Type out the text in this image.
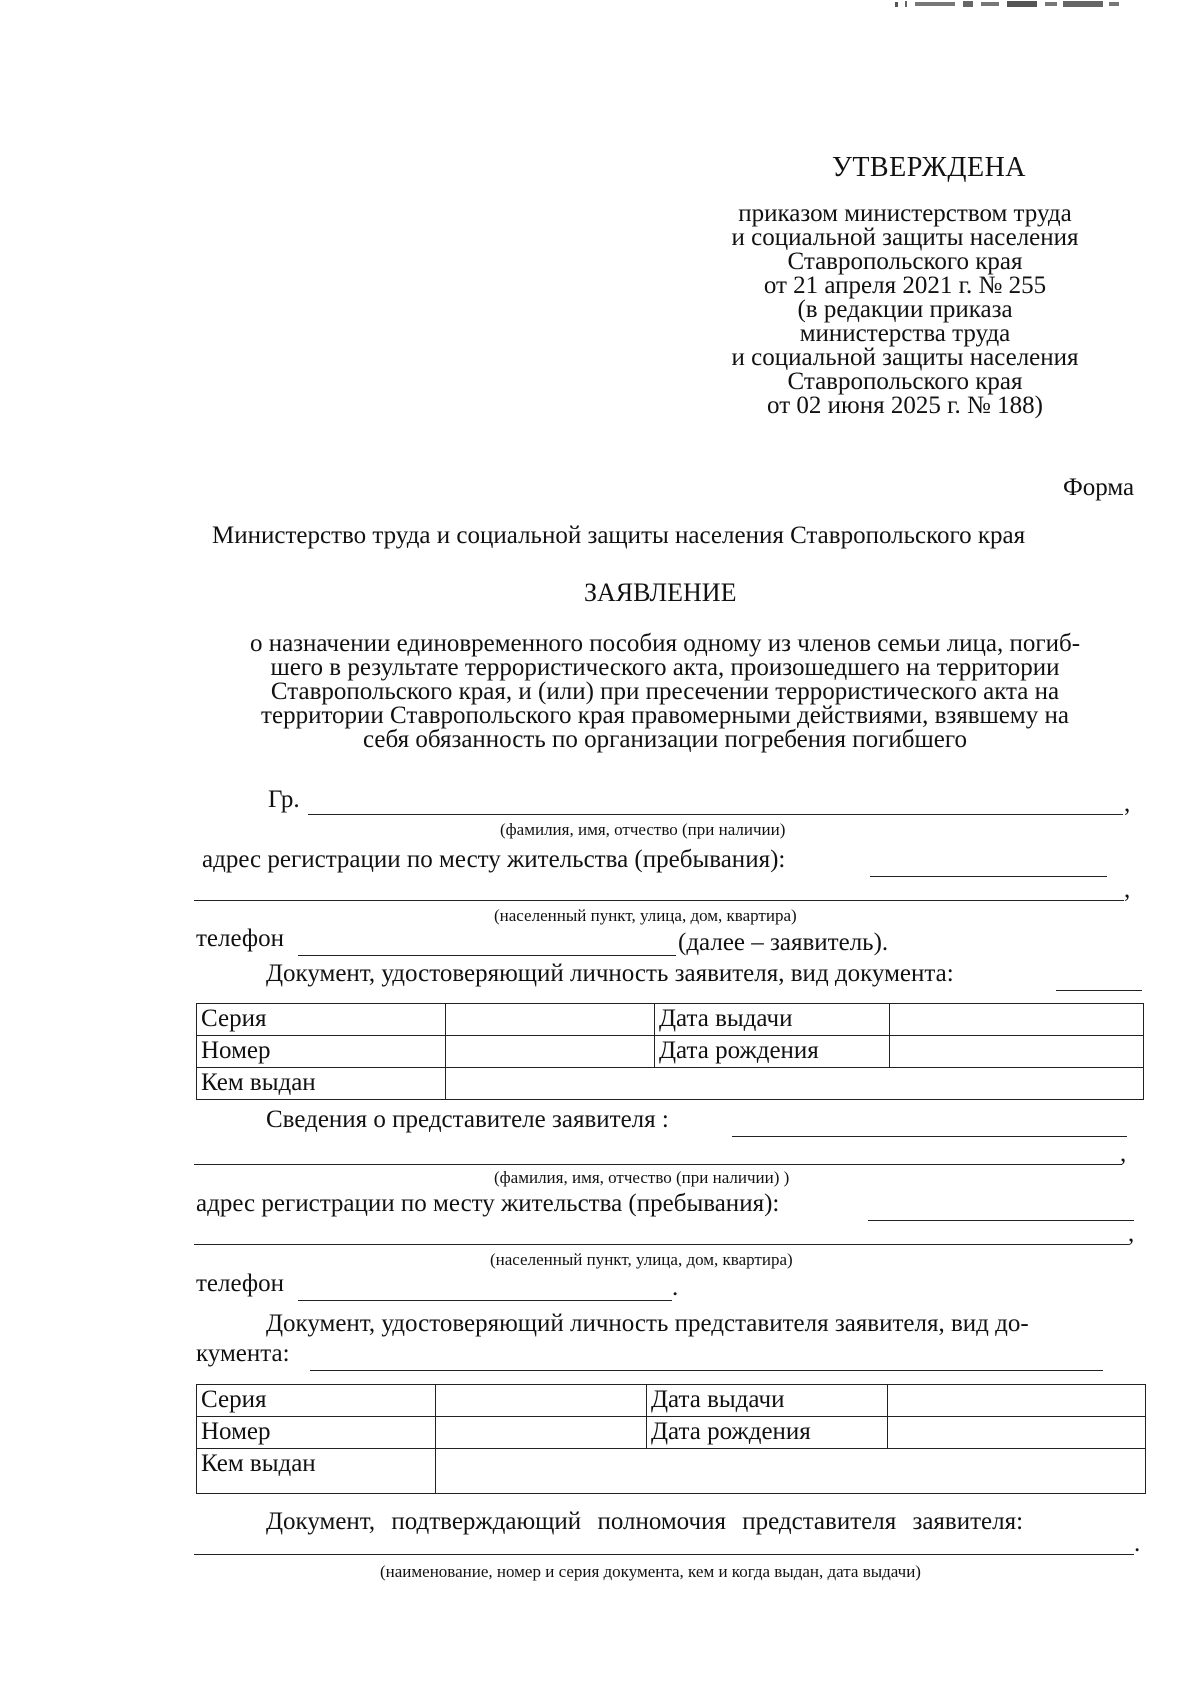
УТВЕРЖДЕНА
приказом министерством труда
и социальной защиты населения
Ставропольского края
от 21 апреля 2021 г. № 255
(в редакции приказа
министерства труда
и социальной защиты населения
Ставропольского края
от 02 июня 2025 г. № 188)
Форма
Министерство труда и социальной защиты населения Ставропольского края
ЗАЯВЛЕНИЕ
о назначении единовременного пособия одному из членов семьи лица, погиб-
шего в результате террористического акта, произошедшего на территории
Ставропольского края, и (или) при пресечении террористического акта на
территории Ставропольского края правомерными действиями, взявшему на
себя обязанность по организации погребения погибшего
Гр.	,
(фамилия, имя, отчество (при наличии)
адрес регистрации по месту жительства (пребывания):
,
(населенный пункт, улица, дом, квартира)
телефон	(далее – заявитель).
Документ, удостоверяющий личность заявителя, вид документа:
Серия		Дата выдачи	
Номер		Дата рождения	
Кем выдан			
Сведения о представителе заявителя :
,
(фамилия, имя, отчество (при наличии) )
адрес регистрации по месту жительства (пребывания):
,
(населенный пункт, улица, дом, квартира)
телефон	.
Документ, удостоверяющий личность представителя заявителя, вид до-
кумента:
Серия		Дата выдачи	
Номер		Дата рождения	
Кем выдан			
Документ, подтверждающий полномочия представителя заявителя:
.
(наименование, номер и серия документа, кем и когда выдан, дата выдачи)
